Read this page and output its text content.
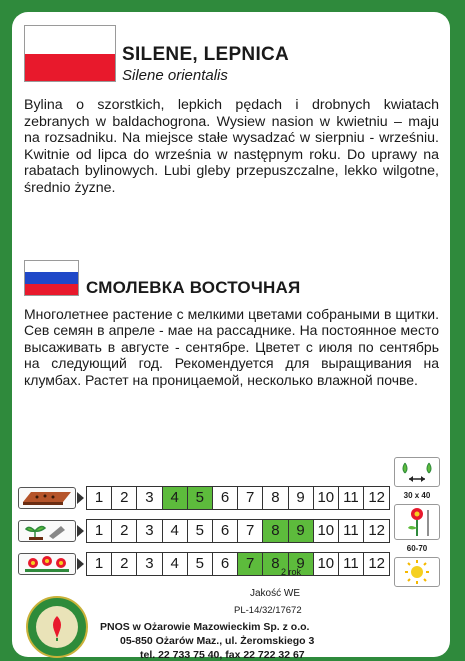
SILENE, LEPNICA
Silene orientalis
Bylina o szorstkich, lepkich pędach i drobnych kwiatach zebranych w baldachogrona. Wysiew nasion w kwietniu – maju na rozsadniku. Na miejsce stałe wysadzać w sierpniu - wrześniu. Kwitnie od lipca do września w następnym roku. Do uprawy na rabatach bylinowych. Lubi gleby przepuszczalne, lekko wilgotne, średnio żyzne.
СМОЛЕВКА ВОСТОЧНАЯ
Многолетнее растение с мелкими цветами собраными в щитки. Сев семян в апреле - мае на рассаднике. На постоянное место высаживать в августе - сентябре. Цветет с июля по сентябрь на следующий год. Рекомендуется для выращивания на клумбах. Растет на проницаемой, несколько влажной почве.
1	2	3	4	5	6	7	8	9 10 11 12
1	2	3	4	5	6	7	8	9 10 11 12
1	2	3	4	5	6	7	8	9 10 11 12
2 rok
30 x 40
60-70
Jakość WE
PL-14/32/17672
PNOS w Ożarowie Mazowieckim Sp. z o.o.
05-850 Ożarów Maz., ul. Żeromskiego 3
tel. 22 733 75 40, fax 22 722 32 67
